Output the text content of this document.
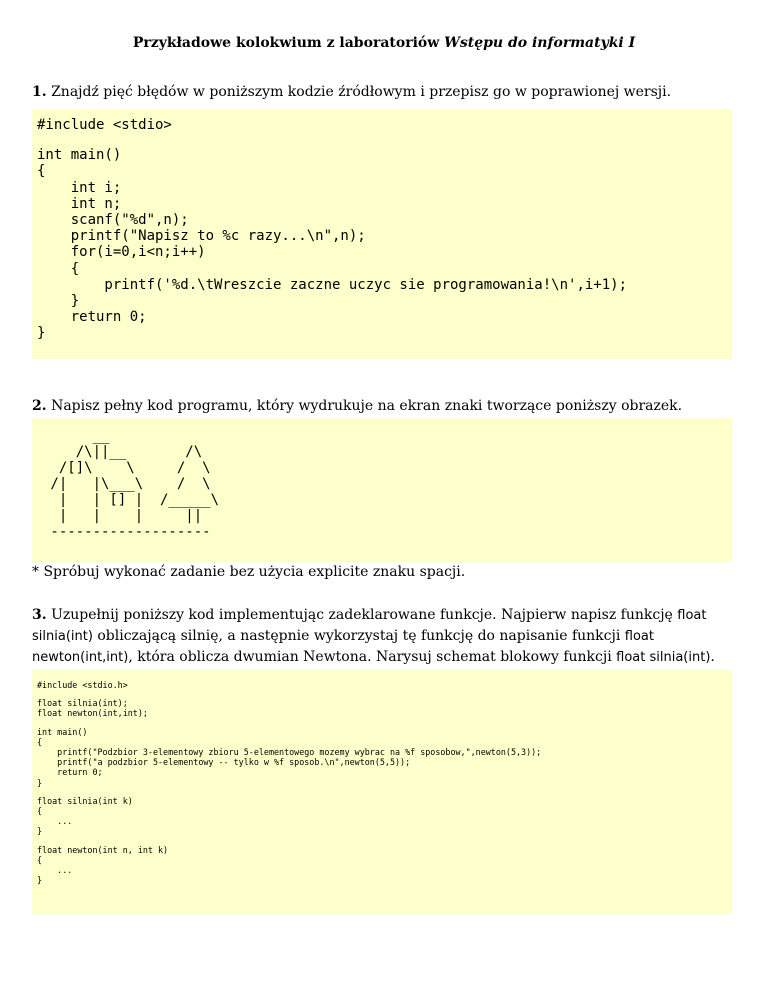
Przykładowe kolokwium z laboratoriów Wstępu do informatyki I
1. Znajdź pięć błędów w poniższym kodzie źródłowym i przepisz go w poprawionej wersji.
#include <stdio>
int main()
{
int i;
int n;
scanf("%d",n);
printf("Napisz to %c razy...\n",n);
for(i=0,i<n;i++)
{
printf('%d.\tWreszcie zaczne uczyc sie programowania!\n',i+1);
}
return 0;
}
2. Napisz pełny kod programu, który wydrukuje na ekran znaki tworzące poniższy obrazek.
__
/\||__       /\
/[]\    \     /  \
/|   |\___\    /  \
|   | [] |  /_____\
|   |    |     ||
-------------------
* Spróbuj wykonać zadanie bez użycia explicite znaku spacji.
3. Uzupełnij poniższy kod implementując zadeklarowane funkcje. Najpierw napisz funkcję float silnia(int) obliczającą silnię, a następnie wykorzystaj tę funkcję do napisanie funkcji float newton(int,int), która oblicza dwumian Newtona. Narysuj schemat blokowy funkcji float silnia(int).
#include <stdio.h>
float silnia(int);
float newton(int,int);
int main()
{
printf("Podzbior 3-elementowy zbioru 5-elementowego mozemy wybrac na %f sposobow,",newton(5,3));
printf("a podzbior 5-elementowy -- tylko w %f sposob.\n",newton(5,5));
return 0;
}
float silnia(int k)
{
...
}
float newton(int n, int k)
{
...
}
